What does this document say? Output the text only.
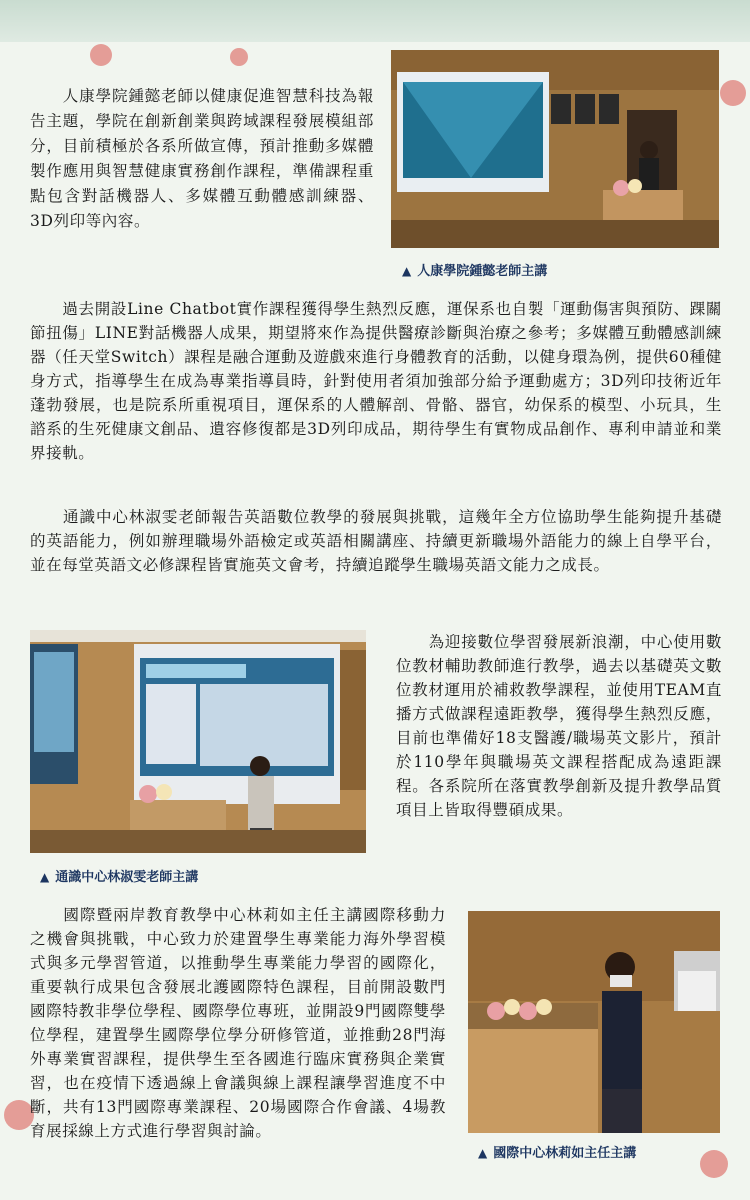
　　人康學院鍾懿老師以健康促進智慧科技為報告主題，學院在創新創業與跨域課程發展模組部分，目前積極於各系所做宣傳，預計推動多媒體製作應用與智慧健康實務創作課程，準備課程重點包含對話機器人、多媒體互動體感訓練器、3D列印等內容。

▲ 人康學院鍾懿老師主講

　　過去開設Line Chatbot實作課程獲得學生熱烈反應，運保系也自製「運動傷害與預防、踝關節扭傷」LINE對話機器人成果，期望將來作為提供醫療診斷與治療之參考；多媒體互動體感訓練器（任天堂Switch）課程是融合運動及遊戲來進行身體教育的活動，以健身環為例，提供60種健身方式，指導學生在成為專業指導員時，針對使用者須加強部分給予運動處方；3D列印技術近年蓬勃發展，也是院系所重視項目，運保系的人體解剖、骨骼、器官，幼保系的模型、小玩具，生諮系的生死健康文創品、遺容修復都是3D列印成品，期待學生有實物成品創作、專利申請並和業界接軌。

　　通識中心林淑雯老師報告英語數位教學的發展與挑戰，這幾年全方位協助學生能夠提升基礎的英語能力，例如辦理職場外語檢定或英語相關講座、持續更新職場外語能力的線上自學平台，並在每堂英語文必修課程皆實施英文會考，持續追蹤學生職場英語文能力之成長。

▲ 通識中心林淑雯老師主講

　　為迎接數位學習發展新浪潮，中心使用數位教材輔助教師進行教學，過去以基礎英文數位教材運用於補救教學課程，並使用TEAM直播方式做課程遠距教學，獲得學生熱烈反應，目前也準備好18支醫護/職場英文影片，預計於110學年與職場英文課程搭配成為遠距課程。各系院所在落實教學創新及提升教學品質項目上皆取得豐碩成果。

　　國際暨兩岸教育教學中心林莉如主任主講國際移動力之機會與挑戰，中心致力於建置學生專業能力海外學習模式與多元學習管道，以推動學生專業能力學習的國際化，重要執行成果包含發展北護國際特色課程，目前開設數門國際特教非學位學程、國際學位專班，並開設9門國際雙學位學程，建置學生國際學位學分研修管道，並推動28門海外專業實習課程，提供學生至各國進行臨床實務與企業實習，也在疫情下透過線上會議與線上課程讓學習進度不中斷，共有13門國際專業課程、20場國際合作會議、4場教育展採線上方式進行學習與討論。

▲ 國際中心林莉如主任主講
